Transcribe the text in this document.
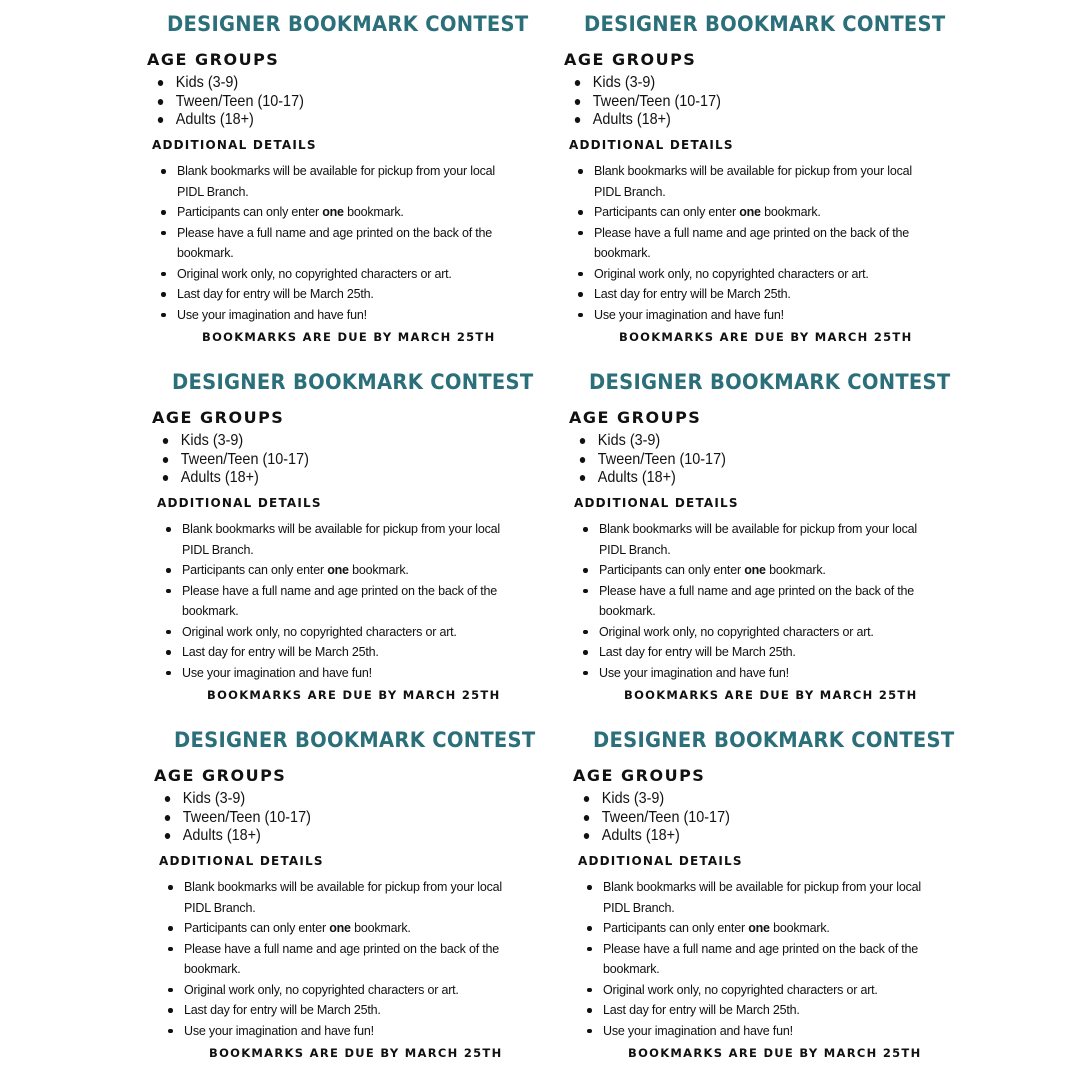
DESIGNER BOOKMARK CONTEST
AGE GROUPS
Kids (3-9)
Tween/Teen (10-17)
Adults (18+)
ADDITIONAL DETAILS
Blank bookmarks will be available for pickup from your local PIDL Branch.
Participants can only enter one bookmark.
Please have a full name and age printed on the back of the bookmark.
Original work only, no copyrighted characters or art.
Last day for entry will be March 25th.
Use your imagination and have fun!
BOOKMARKS ARE DUE BY MARCH 25TH
DESIGNER BOOKMARK CONTEST
AGE GROUPS
Kids (3-9)
Tween/Teen (10-17)
Adults (18+)
ADDITIONAL DETAILS
Blank bookmarks will be available for pickup from your local PIDL Branch.
Participants can only enter one bookmark.
Please have a full name and age printed on the back of the bookmark.
Original work only, no copyrighted characters or art.
Last day for entry will be March 25th.
Use your imagination and have fun!
BOOKMARKS ARE DUE BY MARCH 25TH
DESIGNER BOOKMARK CONTEST
AGE GROUPS
Kids (3-9)
Tween/Teen (10-17)
Adults (18+)
ADDITIONAL DETAILS
Blank bookmarks will be available for pickup from your local PIDL Branch.
Participants can only enter one bookmark.
Please have a full name and age printed on the back of the bookmark.
Original work only, no copyrighted characters or art.
Last day for entry will be March 25th.
Use your imagination and have fun!
BOOKMARKS ARE DUE BY MARCH 25TH
DESIGNER BOOKMARK CONTEST
AGE GROUPS
Kids (3-9)
Tween/Teen (10-17)
Adults (18+)
ADDITIONAL DETAILS
Blank bookmarks will be available for pickup from your local PIDL Branch.
Participants can only enter one bookmark.
Please have a full name and age printed on the back of the bookmark.
Original work only, no copyrighted characters or art.
Last day for entry will be March 25th.
Use your imagination and have fun!
BOOKMARKS ARE DUE BY MARCH 25TH
DESIGNER BOOKMARK CONTEST
AGE GROUPS
Kids (3-9)
Tween/Teen (10-17)
Adults (18+)
ADDITIONAL DETAILS
Blank bookmarks will be available for pickup from your local PIDL Branch.
Participants can only enter one bookmark.
Please have a full name and age printed on the back of the bookmark.
Original work only, no copyrighted characters or art.
Last day for entry will be March 25th.
Use your imagination and have fun!
BOOKMARKS ARE DUE BY MARCH 25TH
DESIGNER BOOKMARK CONTEST
AGE GROUPS
Kids (3-9)
Tween/Teen (10-17)
Adults (18+)
ADDITIONAL DETAILS
Blank bookmarks will be available for pickup from your local PIDL Branch.
Participants can only enter one bookmark.
Please have a full name and age printed on the back of the bookmark.
Original work only, no copyrighted characters or art.
Last day for entry will be March 25th.
Use your imagination and have fun!
BOOKMARKS ARE DUE BY MARCH 25TH
